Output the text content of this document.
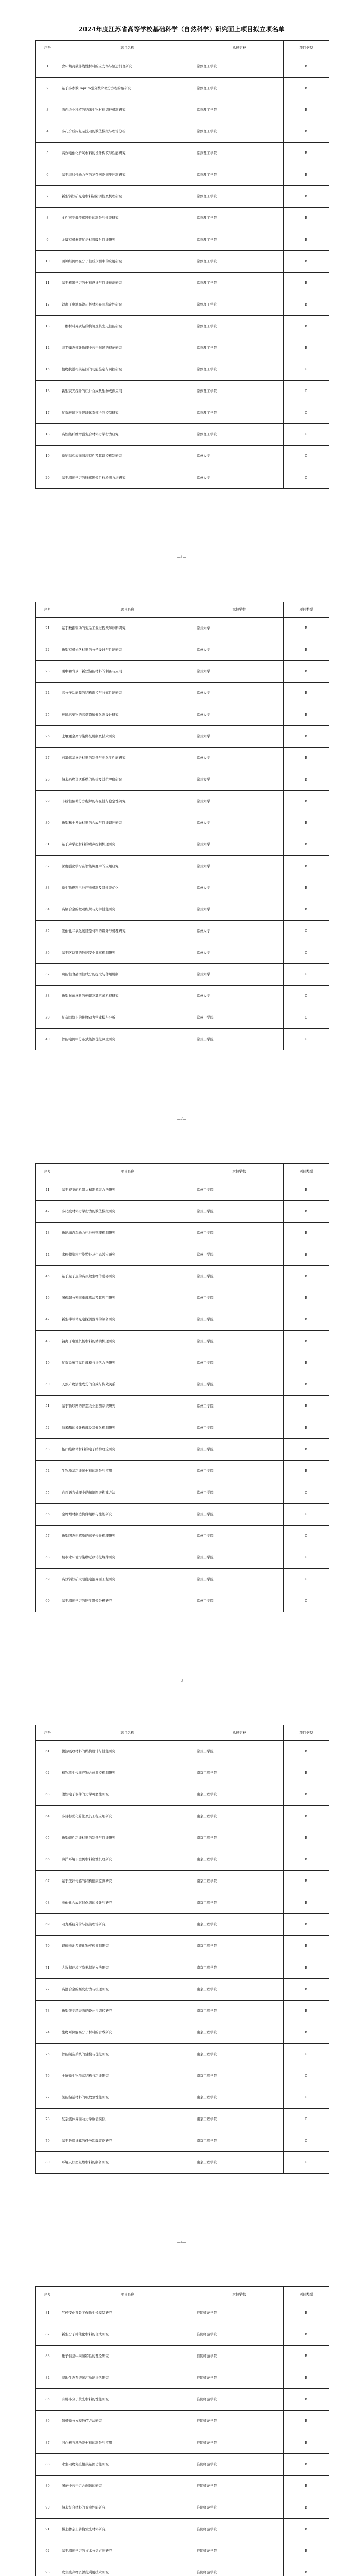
2024年度江苏省高等学校基础科学（自然科学）研究面上项目拟立项名单
序号	项目名称	承担学校	项目类型
1	含环境荷载非线性材料的应力场与输运机理研究	常熟理工学院	B
2	基于多参数Caputo型分数阶微分方程的解研究	常熟理工学院	B
3	面向农业种植的纳米生物材料调控机制研究	常熟理工学院	B
4	多孔介质内复杂流动的数值模拟与理论分析	常熟理工学院	B
5	高效电催化析氧材料的设计构筑与性能研究	常熟理工学院	B
6	基于非线性动力学的复杂网络同步控制研究	常熟理工学院	B
7	新型钙钛矿光电材料缺陷调控及机理研究	常熟理工学院	B
8	柔性可穿戴传感器件的制备与性能研究	常熟理工学院	B
9	金属有机框架复合材料吸附性能研究	常熟理工学院	B
10	图神经网络在分子性质预测中的应用研究	常熟理工学院	B
11	基于机器学习的材料设计与性能预测研究	常熟理工学院	B
12	锂离子电池高镍正极材料界面稳定性研究	常熟理工学院	B
13	二维材料异质结的构筑及其光电性能研究	常熟理工学院	B
14	非平衡态统计物理中若干问题的理论研究	常熟理工学院	B
15	植物抗逆相关基因的功能鉴定与调控研究	常熟理工学院	C
16	新型荧光探针的设计合成及生物成像应用	常熟理工学院	C
17	复杂环境下多智能体系统协同控制研究	常熟理工学院	C
18	高性能纤维增强复合材料力学行为研究	常熟理工学院	C
19	微纳结构表面润湿特性及其调控机制研究	常州大学	C
20	基于深度学习的遥感图像目标检测方法研究	常州大学	C
—1—
序号	项目名称	承担学校	项目类型
21	基于数据驱动的复杂工业过程故障诊断研究	常州大学	B
22	新型有机光伏材料的分子设计与性能研究	常州大学	B
23	碳中和背景下新型储能材料的制备与应用	常州大学	B
24	高分子功能膜的结构调控与分离性能研究	常州大学	B
25	环境污染物的高效降解催化剂设计研究	常州大学	B
26	土壤重金属污染修复机制及技术研究	常州大学	B
27	石墨烯基复合材料的制备与电化学性能研究	常州大学	B
28	纳米药物递送系统的构建及其抗肿瘤研究	常州大学	B
29	非线性偏微分方程解的存在性与稳定性研究	常州大学	B
30	新型稀土发光材料的合成与性能调控研究	常州大学	B
31	基于声学超材料的噪声控制机理研究	常州大学	B
32	深度强化学习在智能调度中的应用研究	常州大学	B
33	微生物燃料电池产电机制及其性能优化	常州大学	B
34	高熵合金的微观组织与力学性能研究	常州大学	B
35	光催化二氧化碳还原材料的设计与机理研究	常州大学	C
36	基于区块链的数据安全共享机制研究	常州大学	C
37	功能性食品活性成分的提取与作用机制	常州大学	C
38	新型抗菌材料的构建及其抗菌机理研究	常州大学	C
39	复杂网络上的传播动力学建模与分析	常州工学院	C
40	智能电网中分布式能源优化调度研究	常州工学院	C
—2—
序号	项目名称	承担学校	项目类型
41	基于视觉的机器人精准抓取方法研究	常州工学院	B
42	多尺度材料力学行为的数值模拟研究	常州工学院	B
43	新能源汽车动力电池热管理机制研究	常州工学院	B
44	水体微塑料污染特征及生态效应研究	常州工学院	B
45	基于量子点的高灵敏生物传感器研究	常州工学院	B
46	图像超分辨率重建算法及其应用研究	常州工学院	B
47	新型半导体光电探测器件的制备研究	常州工学院	B
48	钠离子电池负极材料的储钠机理研究	常州工学院	B
49	复杂系统可靠性建模与评估方法研究	常州工学院	B
50	天然产物活性成分的合成与构效关系	常州工学院	B
51	基于物联网的智慧农业监测系统研究	常州工学院	B
52	纳米酶的设计构建及其催化机制研究	常州工学院	B
53	拓扑绝缘体材料的电子结构理论研究	常州工学院	B
54	生物质基功能碳材料的制备与应用	常州工学院	B
55	自然语言处理中的知识图谱构建方法	常州工学院	C
56	金属增材制造构件组织与性能研究	常州工学院	C
57	新型固态电解质的离子传导机理研究	常州工学院	C
58	城市水环境污染物迁移转化规律研究	常州工学院	C
59	高效钙钛矿太阳能电池界面工程研究	常州工学院	C
60	基于深度学习的医学影像分析研究	常州工学院	C
—3—
序号	项目名称	承担学校	项目类型
61	微波吸收材料的结构设计与性能研究	常州工学院	B
62	植物次生代谢产物合成调控机制研究	南京工程学院	B
63	柔性电子器件的力学可靠性研究	南京工程学院	B
64	多目标优化算法及其工程应用研究	南京工程学院	B
65	新型磁性功能材料的制备与性能研究	南京工程学院	B
66	海洋环境下金属材料腐蚀机理研究	南京工程学院	B
67	基于光纤传感的结构健康监测研究	南京工程学院	B
68	电催化合成氨催化剂的设计与研究	南京工程学院	B
69	动力系统分岔与混沌理论研究	南京工程学院	B
70	锂硫电池多硫化物穿梭抑制研究	南京工程学院	B
71	大数据环境下隐私保护方法研究	南京工程学院	B
72	高温合金的蠕变行为与机理研究	南京工程学院	B
73	新型光学超表面的设计与调控研究	南京工程学院	B
74	生物可降解高分子材料的合成研究	南京工程学院	B
75	智能制造系统的建模与优化研究	南京工程学院	C
76	土壤微生物群落结构与功能研究	南京工程学院	C
77	氢能储运材料的吸放氢性能研究	南京工程学院	C
78	复杂流体界面动力学数值模拟	南京工程学院	C
79	基于边缘计算的任务卸载策略研究	南京工程学院	C
80	环境友好型阻燃材料的制备研究	南京工程学院	C
—4—
序号	项目名称	承担学校	项目类型
81	气候变化背景下作物生长模型研究	淮阴师范学院	B
82	新型分子筛催化材料的合成研究	淮阴师范学院	B
83	量子信息中纠缠特性的理论研究	淮阴师范学院	B
84	湿地生态系统碳汇功能评估研究	淮阴师范学院	B
85	有机小分子荧光材料的性能研究	淮阴师范学院	B
86	随机微分方程数值方法研究	淮阴师范学院	B
87	凹凸棒石基功能材料的制备与应用	淮阴师范学院	B
88	水生动物免疫相关基因功能研究	淮阴师范学院	B
89	图论中若干组合问题的研究	淮阴师范学院	B
90	纳米复合材料的介电性能研究	淮阴师范学院	B
91	稀土掺杂上转换发光材料研究	淮阴师范学院	B
92	基于深度学习的文本分类方法研究	淮阴师范学院	B
93	农业废弃物资源化利用技术研究	淮阴师范学院	B
